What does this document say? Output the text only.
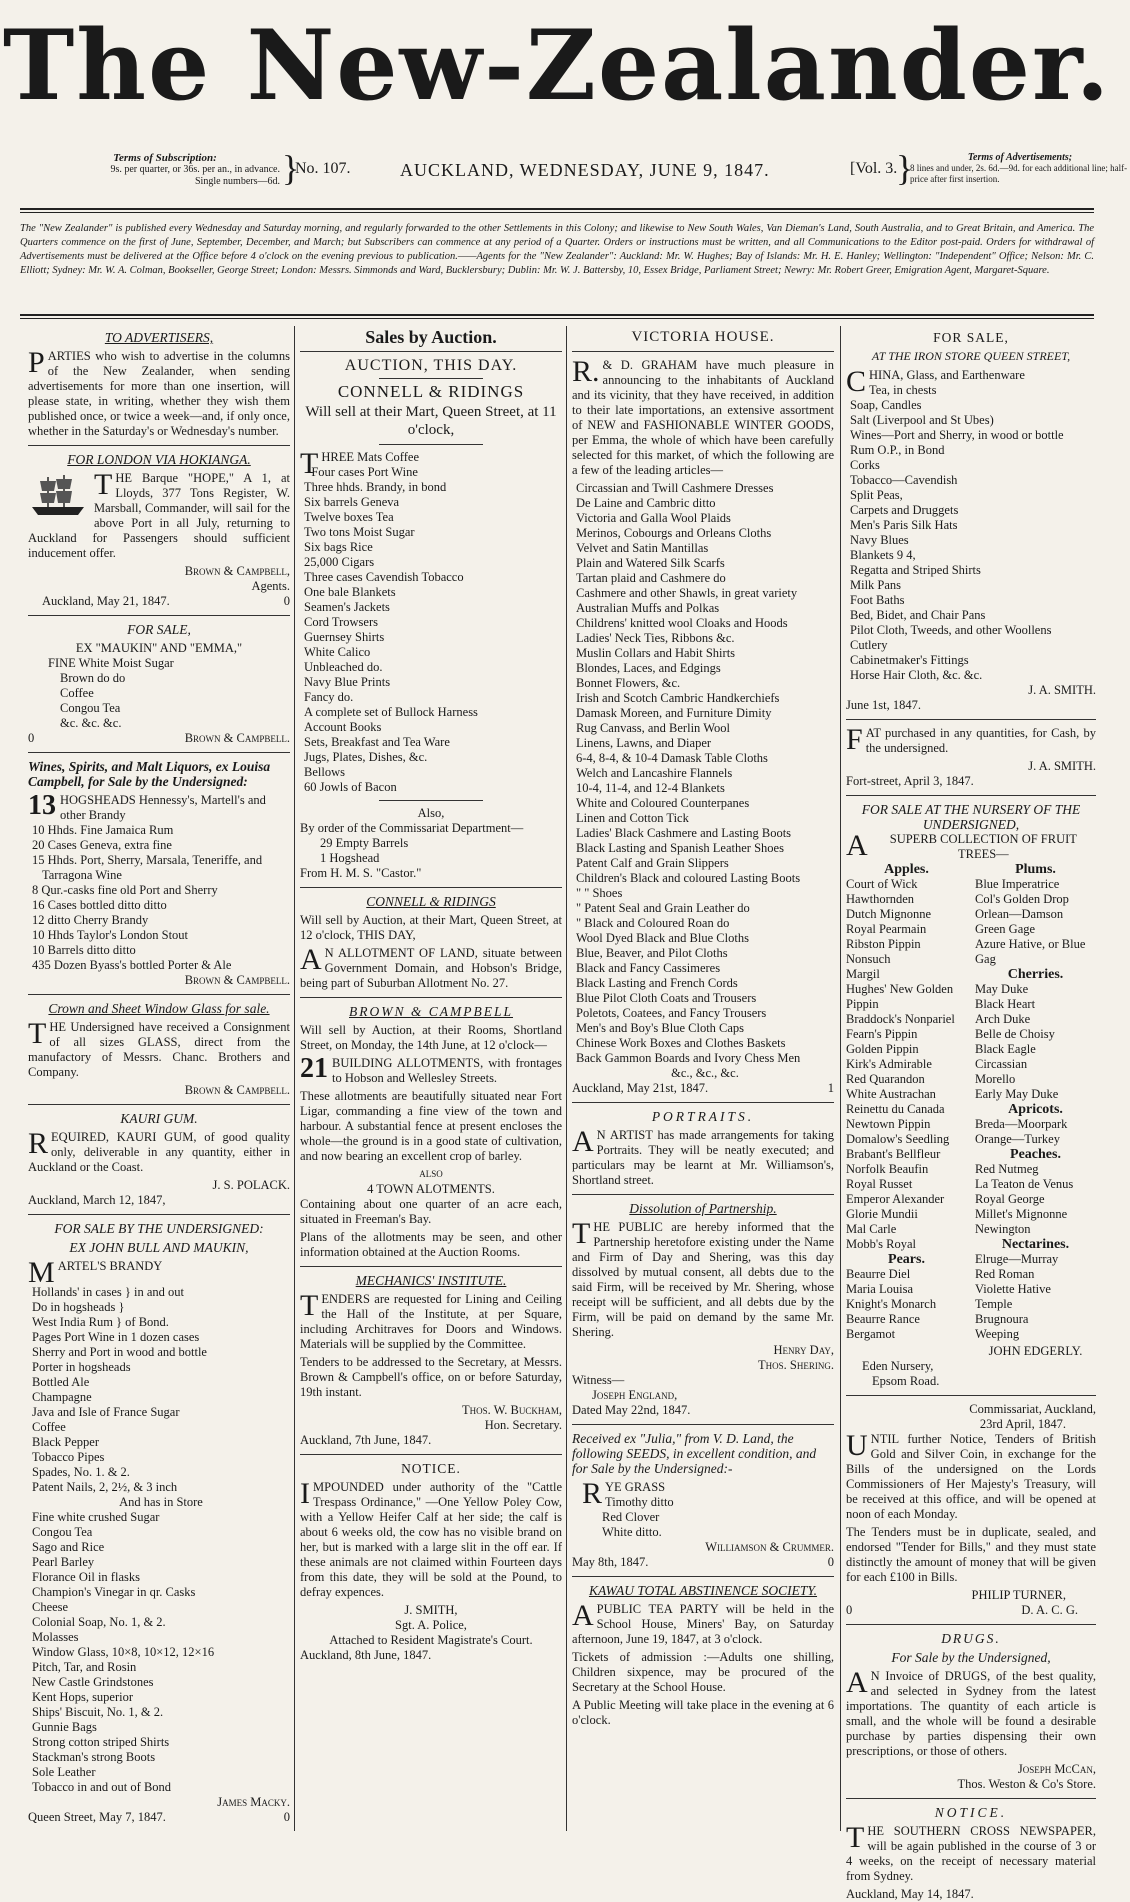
The New-Zealander.
Terms of Subscription:
9s. per quarter, or 36s. per an., in advance.
Single numbers—6d. }
No. 107.	AUCKLAND, WEDNESDAY, JUNE 9, 1847.	[Vol. 3.
}	Terms of Advertisements;
8 lines and under, 2s. 6d.—9d. for each additional line; half-price after first insertion.
The "New Zealander" is published every Wednesday and Saturday morning, and regularly forwarded to the other Settlements in this Colony; and likewise to New South Wales, Van Dieman's Land, South Australia, and to Great Britain, and America. The Quarters commence on the first of June, September, December, and March; but Subscribers can commence at any period of a Quarter. Orders or instructions must be written, and all Communications to the Editor post-paid. Orders for withdrawal of Advertisements must be delivered at the Office before 4 o'clock on the evening previous to publication.——Agents for the "New Zealander": Auckland: Mr. W. Hughes; Bay of Islands: Mr. H. E. Hanley; Wellington: "Independent" Office; Nelson: Mr. C. Elliott; Sydney: Mr. W. A. Colman, Bookseller, George Street; London: Messrs. Simmonds and Ward, Bucklersbury; Dublin: Mr. W. J. Battersby, 10, Essex Bridge, Parliament Street; Newry: Mr. Robert Greer, Emigration Agent, Margaret-Square.
TO ADVERTISERS,

PARTIES who wish to advertise in the columns of the New Zealander, when sending advertisements for more than one insertion, will please state, in writing, whether they wish them published once, or twice a week—and, if only once, whether in the Saturday's or Wednesday's number.

FOR LONDON VIA HOKIANGA.

THE Barque "HOPE," A 1, at Lloyds, 377 Tons Register, W. Marsball, Commander, will sail for the above Port in all July, returning to Auckland for Passengers should sufficient inducement offer.

Brown & Campbell,
Agents.
Auckland, May 21, 1847.	0
FOR SALE,
EX "MAUKIN" AND "EMMA,"
FINE White Moist Sugar
Brown do do
Coffee
Congou Tea
&c. &c. &c.
0	Brown & Campbell.
Wines, Spirits, and Malt Liquors, ex Louisa Campbell, for Sale by the Undersigned:
13 HOGSHEADS Hennessy's, Martell's and other Brandy
10 Hhds. Fine Jamaica Rum
20 Cases Geneva, extra fine
15 Hhds. Port, Sherry, Marsala, Teneriffe, and Tarragona Wine
8 Qur.-casks fine old Port and Sherry
16 Cases bottled ditto ditto
12 ditto Cherry Brandy
10 Hhds Taylor's London Stout
10 Barrels ditto ditto
435 Dozen Byass's bottled Porter & Ale
Brown & Campbell.
Crown and Sheet Window Glass for sale.

THE Undersigned have received a Consignment of all sizes GLASS, direct from the manufactory of Messrs. Chanc. Brothers and Company.

Brown & Campbell.
KAURI GUM.

REQUIRED, KAURI GUM, of good quality only, deliverable in any quantity, either in Auckland or the Coast.

J. S. POLACK.
Auckland, March 12, 1847,
FOR SALE BY THE UNDERSIGNED:
EX JOHN BULL AND MAUKIN,
MARTEL'S BRANDY
Hollands' in cases } in and out
Do in hogsheads }
West India Rum } of Bond.
Pages Port Wine in 1 dozen cases
Sherry and Port in wood and bottle
Porter in hogsheads
Bottled Ale
Champagne
Java and Isle of France Sugar
Coffee
Black Pepper
Tobacco Pipes
Spades, No. 1. & 2.
Patent Nails, 2, 2½, & 3 inch
And has in Store
Fine white crushed Sugar
Congou Tea
Sago and Rice
Pearl Barley
Florance Oil in flasks
Champion's Vinegar in qr. Casks
Cheese
Colonial Soap, No. 1, & 2.
Molasses
Window Glass, 10×8, 10×12, 12×16
Pitch, Tar, and Rosin
New Castle Grindstones
Kent Hops, superior
Ships' Biscuit, No. 1, & 2.
Gunnie Bags
Strong cotton striped Shirts
Stackman's strong Boots
Sole Leather
Tobacco in and out of Bond
James Macky.
Queen Street, May 7, 1847.	0
Sales by Auction.
AUCTION, THIS DAY.
CONNELL & RIDINGS
Will sell at their Mart, Queen Street, at 11 o'clock,
THREE Mats Coffee
Four cases Port Wine
Three hhds. Brandy, in bond
Six barrels Geneva
Twelve boxes Tea
Two tons Moist Sugar
Six bags Rice
25,000 Cigars
Three cases Cavendish Tobacco
One bale Blankets
Seamen's Jackets
Cord Trowsers
Guernsey Shirts
White Calico
Unbleached do.
Navy Blue Prints
Fancy do.
A complete set of Bullock Harness
Account Books
Sets, Breakfast and Tea Ware
Jugs, Plates, Dishes, &c.
Bellows
60 Jowls of Bacon
Also,
By order of the Commissariat Department—
29 Empty Barrels
1 Hogshead
From H. M. S. "Castor."
CONNELL & RIDINGS

Will sell by Auction, at their Mart, Queen Street, at 12 o'clock, THIS DAY,

AN ALLOTMENT OF LAND, situate between Government Domain, and Hobson's Bridge, being part of Suburban Allotment No. 27.

BROWN & CAMPBELL

Will sell by Auction, at their Rooms, Shortland Street, on Monday, the 14th June, at 12 o'clock—

21 BUILDING ALLOTMENTS, with frontages to Hobson and Wellesley Streets.

These allotments are beautifully situated near Fort Ligar, commanding a fine view of the town and harbour. A substantial fence at present encloses the whole—the ground is in a good state of cultivation, and now bearing an excellent crop of barley.

ALSO
4 TOWN ALOTMENTS.

Containing about one quarter of an acre each, situated in Freeman's Bay.

Plans of the allotments may be seen, and other information obtained at the Auction Rooms.

MECHANICS' INSTITUTE.

TENDERS are requested for Lining and Ceiling the Hall of the Institute, at per Square, including Architraves for Doors and Windows. Materials will be supplied by the Committee.

Tenders to be addressed to the Secretary, at Messrs. Brown & Campbell's office, on or before Saturday, 19th instant.

Thos. W. Buckham,
Hon. Secretary.
Auckland, 7th June, 1847.
NOTICE.

IMPOUNDED under authority of the "Cattle Trespass Ordinance," —One Yellow Poley Cow, with a Yellow Heifer Calf at her side; the calf is about 6 weeks old, the cow has no visible brand on her, but is marked with a large slit in the off ear. If these animals are not claimed within Fourteen days from this date, they will be sold at the Pound, to defray expences.

J. SMITH,
Sgt. A. Police,
Attached to Resident Magistrate's Court.
Auckland, 8th June, 1847.
VICTORIA HOUSE.

R.& D. GRAHAM have much pleasure in announcing to the inhabitants of Auckland and its vicinity, that they have received, in addition to their late importations, an extensive assortment of NEW and FASHIONABLE WINTER GOODS, per Emma, the whole of which have been carefully selected for this market, of which the following are a few of the leading articles—

Circassian and Twill Cashmere Dresses
De Laine and Cambric ditto
Victoria and Galla Wool Plaids
Merinos, Cobourgs and Orleans Cloths
Velvet and Satin Mantillas
Plain and Watered Silk Scarfs
Tartan plaid and Cashmere do
Cashmere and other Shawls, in great variety
Australian Muffs and Polkas
Childrens' knitted wool Cloaks and Hoods
Ladies' Neck Ties, Ribbons &c.
Muslin Collars and Habit Shirts
Blondes, Laces, and Edgings
Bonnet Flowers, &c.
Irish and Scotch Cambric Handkerchiefs
Damask Moreen, and Furniture Dimity
Rug Canvass, and Berlin Wool
Linens, Lawns, and Diaper
6-4, 8-4, & 10-4 Damask Table Cloths
Welch and Lancashire Flannels
10-4, 11-4, and 12-4 Blankets
White and Coloured Counterpanes
Linen and Cotton Tick
Ladies' Black Cashmere and Lasting Boots
Black Lasting and Spanish Leather Shoes
Patent Calf and Grain Slippers
Children's Black and coloured Lasting Boots
" " Shoes
" Patent Seal and Grain Leather do
" Black and Coloured Roan do
Wool Dyed Black and Blue Cloths
Blue, Beaver, and Pilot Cloths
Black and Fancy Cassimeres
Black Lasting and French Cords
Blue Pilot Cloth Coats and Trousers
Poletots, Coatees, and Fancy Trousers
Men's and Boy's Blue Cloth Caps
Chinese Work Boxes and Clothes Baskets
Back Gammon Boards and Ivory Chess Men
&c., &c., &c.
Auckland, May 21st, 1847.	1
PORTRAITS.

AN ARTIST has made arrangements for taking Portraits. They will be neatly executed; and particulars may be learnt at Mr. Williamson's, Shortland street.

Dissolution of Partnership.

THE PUBLIC are hereby informed that the Partnership heretofore existing under the Name and Firm of Day and Shering, was this day dissolved by mutual consent, all debts due to the said Firm, will be received by Mr. Shering, whose receipt will be sufficient, and all debts due by the Firm, will be paid on demand by the same Mr. Shering.

Henry Day,
Thos. Shering.
Witness—
Joseph England,
Dated May 22nd, 1847.
Received ex "Julia," from V. D. Land, the following SEEDS, in excellent condition, and for Sale by the Undersigned:-
RYE GRASS
Timothy ditto
Red Clover
White ditto.
Williamson & Crummer.
May 8th, 1847.	0
KAWAU TOTAL ABSTINENCE SOCIETY.

APUBLIC TEA PARTY will be held in the School House, Miners' Bay, on Saturday afternoon, June 19, 1847, at 3 o'clock.

Tickets of admission :—Adults one shilling, Children sixpence, may be procured of the Secretary at the School House.

A Public Meeting will take place in the evening at 6 o'clock.

FOR SALE,
AT THE IRON STORE QUEEN STREET,
CHINA, Glass, and Earthenware
Tea, in chests
Soap, Candles
Salt (Liverpool and St Ubes)
Wines—Port and Sherry, in wood or bottle
Rum O.P., in Bond
Corks
Tobacco—Cavendish
Split Peas,
Carpets and Druggets
Men's Paris Silk Hats
Navy Blues
Blankets 9 4,
Regatta and Striped Shirts
Milk Pans
Foot Baths
Bed, Bidet, and Chair Pans
Pilot Cloth, Tweeds, and other Woollens
Cutlery
Cabinetmaker's Fittings
Horse Hair Cloth, &c. &c.
J. A. SMITH.
June 1st, 1847.

FAT purchased in any quantities, for Cash, by the undersigned.

J. A. SMITH.
Fort-street, April 3, 1847.
FOR SALE AT THE NURSERY OF THE UNDERSIGNED,
ASUPERB COLLECTION OF FRUIT TREES—
Apples.
Court of Wick
Hawthornden
Dutch Mignonne
Royal Pearmain
Ribston Pippin
Nonsuch
Margil
Hughes' New Golden Pippin
Braddock's Nonpariel
Fearn's Pippin
Golden Pippin
Kirk's Admirable
Red Quarandon
White Austrachan
Reinettu du Canada
Newtown Pippin
Domalow's Seedling
Brabant's Bellfleur
Norfolk Beaufin
Royal Russet
Emperor Alexander
Glorie Mundii
Mal Carle
Mobb's Royal
Pears.
Beaurre Diel
Maria Louisa
Knight's Monarch
Beaurre Rance
Bergamot
Plums.
Blue Imperatrice
Col's Golden Drop
Orlean—Damson
Green Gage
Azure Hative, or Blue Gag
Cherries.
May Duke
Black Heart
Arch Duke
Belle de Choisy
Black Eagle
Circassian
Morello
Early May Duke
Apricots.
Breda—Moorpark
Orange—Turkey
Peaches.
Red Nutmeg
La Teaton de Venus
Royal George
Millet's Mignonne
Newington
Nectarines.
Elruge—Murray
Red Roman
Violette Hative
Temple
Brugnoura
Weeping
JOHN EDGERLY.
Eden Nursery,
Epsom Road.
Commissariat, Auckland,
23rd April, 1847.

UNTIL further Notice, Tenders of British Gold and Silver Coin, in exchange for the Bills of the undersigned on the Lords Commissioners of Her Majesty's Treasury, will be received at this office, and will be opened at noon of each Monday.

The Tenders must be in duplicate, sealed, and endorsed "Tender for Bills," and they must state distinctly the amount of money that will be given for each £100 in Bills.

PHILIP TURNER,
0	D. A. C. G.
DRUGS.
For Sale by the Undersigned,

AN Invoice of DRUGS, of the best quality, and selected in Sydney from the latest importations. The quantity of each article is small, and the whole will be found a desirable purchase by parties dispensing their own prescriptions, or those of others.

Joseph McCan,
Thos. Weston & Co's Store.
NOTICE.

THE SOUTHERN CROSS NEWSPAPER, will be again published in the course of 3 or 4 weeks, on the receipt of necessary material from Sydney.

Auckland, May 14, 1847.
